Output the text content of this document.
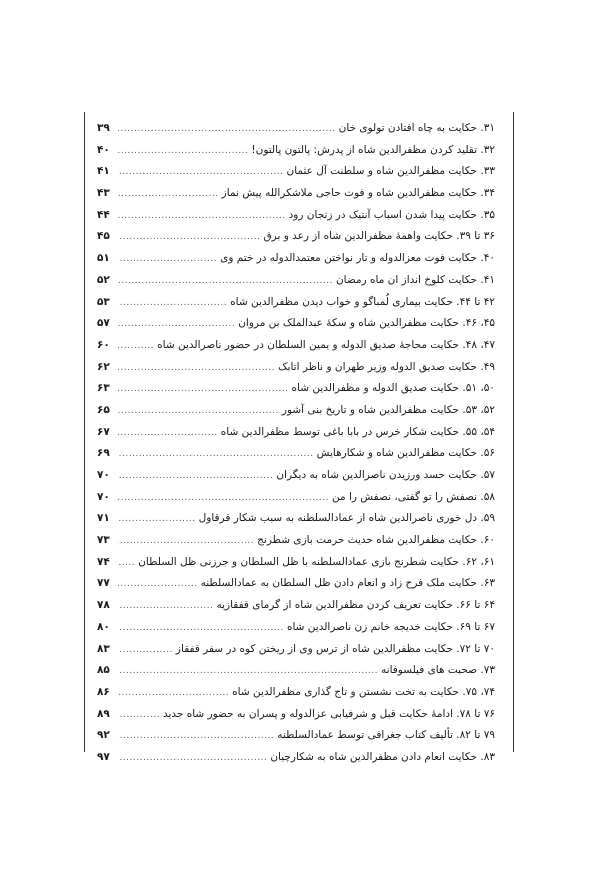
۳۱. حکایت به چاه افتادن تولوی خان
.....
۳۹
۳۲. تقلید کردن مظفرالدین شاه از پدرش: پالتون پالتون!
.....
۴۰
۳۳. حکایت مظفرالدین شاه و سلطنت آل عثمان
.....
۴۱
۳۴. حکایت مظفرالدین شاه و فوت حاجی ملاشکرالله پیش نماز
.....
۴۳
۳۵. حکایت پیدا شدن اسباب آنتیک در زنجان رود
.....
۴۴
۳۶ تا ۳۹. حکایت واهمهٔ مظفرالدین شاه از رعد و برق
.....
۴۵
۴۰. حکایت فوت معزالدوله و تار نواختن معتمدالدوله در ختم وی
.....
۵۱
۴۱. حکایت کلوخ انداز ان ماه رمضان
.....
۵۲
۴۲ تا ۴۴. حکایت بیماری لُمباگو و خواب دیدن مظفرالدین شاه
.....
۵۳
۴۵، ۴۶. حکایت مظفرالدین شاه و سکهٔ عبدالملک بن مروان
.....
۵۷
۴۷، ۴۸. حکایت محاجهٔ صدیق الدوله و یمین السلطان در حضور ناصرالدین شاه
.....
۶۰
۴۹. حکایت صدیق الدوله وزیر طهران و ناظر اتابک
.....
۶۲
۵۰، ۵۱. حکایت صدیق الدوله و مظفرالدین شاه
.....
۶۳
۵۲، ۵۳. حکایت مظفرالدین شاه و تاریخ بنی آشور
.....
۶۵
۵۴، ۵۵. حکایت شکار خرس در بابا باغی توسط مظفرالدین شاه
.....
۶۷
۵۶. حکایت مظفرالدین شاه و شکارهایش
.....
۶۹
۵۷. حکایت حسد ورزیدن ناصرالدین شاه به دیگران
.....
۷۰
۵۸. نصفش را تو گفتی، نصفش را من
.....
۷۰
۵۹. دل خوری ناصرالدین شاه از عمادالسلطنه به سبب شکار قرقاول
.....
۷۱
۶۰. حکایت مظفرالدین شاه حدیث حرمت بازی شطرنج
.....
۷۳
۶۱، ۶۲. حکایت شطرنج بازی عمادالسلطنه با ظل السلطان و جرزنی ظل السلطان
.....
۷۴
۶۳. حکایت ملک فرح زاد و انعام دادن ظل السلطان به عمادالسلطنه
.....
۷۷
۶۴ تا ۶۶. حکایت تعریف کردن مظفرالدین شاه از گرمای قفقازیه
.....
۷۸
۶۷ تا ۶۹. حکایت خدیجه خانم زن ناصرالدین شاه
.....
۸۰
۷۰ تا ۷۲. حکایت مظفرالدین شاه از ترس وی از ریختن کوه در سفر قفقاز
.....
۸۳
۷۳. صحبت های فیلسوفانه
.....
۸۵
۷۴، ۷۵. حکایت به تخت نشستن و تاج گذاری مظفرالدین شاه
.....
۸۶
۷۶ تا ۷۸. ادامهٔ حکایت قبل و شرفیابی عزالدوله و پسران به حضور شاه جدید
.....
۸۹
۷۹ تا ۸۲. تألیف کتاب جغرافی توسط عمادالسلطنه
.....
۹۲
۸۳. حکایت انعام دادن مظفرالدین شاه به شکارچیان
.....
۹۷
